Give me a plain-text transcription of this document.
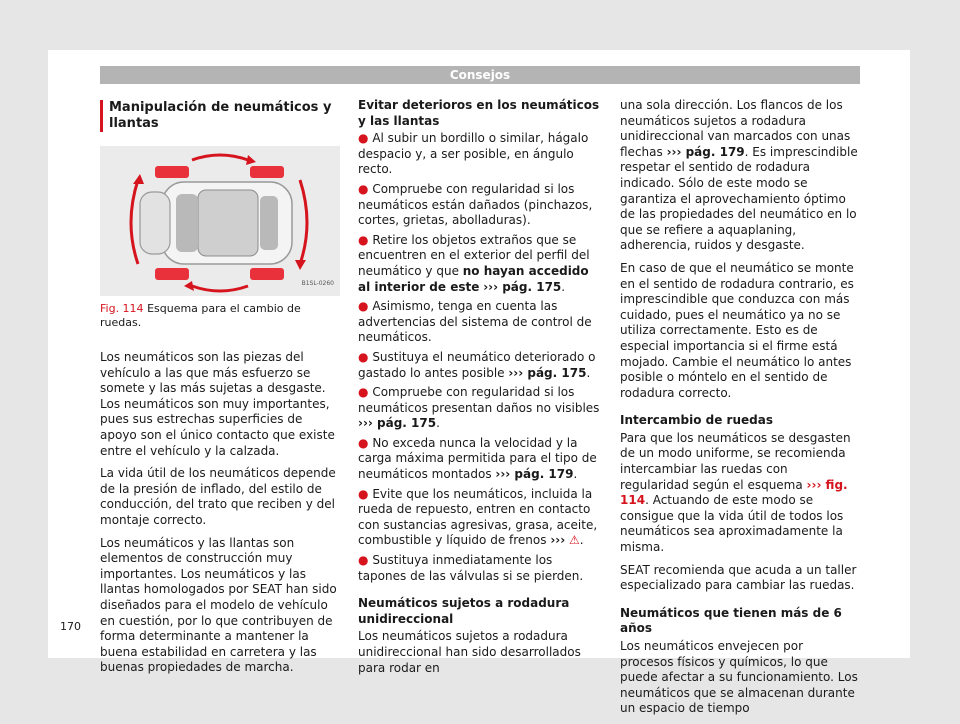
Consejos
Manipulación de neumáticos y llantas
B1SL-0260
Fig. 114 Esquema para el cambio de ruedas.

Los neumáticos son las piezas del vehículo a las que más esfuerzo se somete y las más sujetas a desgaste. Los neumáticos son muy importantes, pues sus estrechas superficies de apoyo son el único contacto que existe entre el vehículo y la calzada.

La vida útil de los neumáticos depende de la presión de inflado, del estilo de conducción, del trato que reciben y del montaje correcto.

Los neumáticos y las llantas son elementos de construcción muy importantes. Los neumáticos y las llantas homologados por SEAT han sido diseñados para el modelo de vehículo en cuestión, por lo que contribuyen de forma determinante a mantener la buena estabilidad en carretera y las buenas propiedades de marcha.

Evitar deterioros en los neumáticos y las llantas
● Al subir un bordillo o similar, hágalo despacio y, a ser posible, en ángulo recto.
● Compruebe con regularidad si los neumáticos están dañados (pinchazos, cortes, grietas, abolladuras).
● Retire los objetos extraños que se encuentren en el exterior del perfil del neumático y que no hayan accedido al interior de este ››› pág. 175.
● Asimismo, tenga en cuenta las advertencias del sistema de control de neumáticos.
● Sustituya el neumático deteriorado o gastado lo antes posible ››› pág. 175.
● Compruebe con regularidad si los neumáticos presentan daños no visibles ››› pág. 175.
● No exceda nunca la velocidad y la carga máxima permitida para el tipo de neumáticos montados ››› pág. 179.
● Evite que los neumáticos, incluida la rueda de repuesto, entren en contacto con sustancias agresivas, grasa, aceite, combustible y líquido de frenos ››› ⚠.
● Sustituya inmediatamente los tapones de las válvulas si se pierden.
Neumáticos sujetos a rodadura unidireccional

Los neumáticos sujetos a rodadura unidireccional han sido desarrollados para rodar en

una sola dirección. Los flancos de los neumáticos sujetos a rodadura unidireccional van marcados con unas flechas ››› pág. 179. Es imprescindible respetar el sentido de rodadura indicado. Sólo de este modo se garantiza el aprovechamiento óptimo de las propiedades del neumático en lo que se refiere a aquaplaning, adherencia, ruidos y desgaste.

En caso de que el neumático se monte en el sentido de rodadura contrario, es imprescindible que conduzca con más cuidado, pues el neumático ya no se utiliza correctamente. Esto es de especial importancia si el firme está mojado. Cambie el neumático lo antes posible o móntelo en el sentido de rodadura correcto.

Intercambio de ruedas

Para que los neumáticos se desgasten de un modo uniforme, se recomienda intercambiar las ruedas con regularidad según el esquema ››› fig. 114. Actuando de este modo se consigue que la vida útil de todos los neumáticos sea aproximadamente la misma.

SEAT recomienda que acuda a un taller especializado para cambiar las ruedas.

Neumáticos que tienen más de 6 años

Los neumáticos envejecen por procesos físicos y químicos, lo que puede afectar a su funcionamiento. Los neumáticos que se almacenan durante un espacio de tiempo

170
